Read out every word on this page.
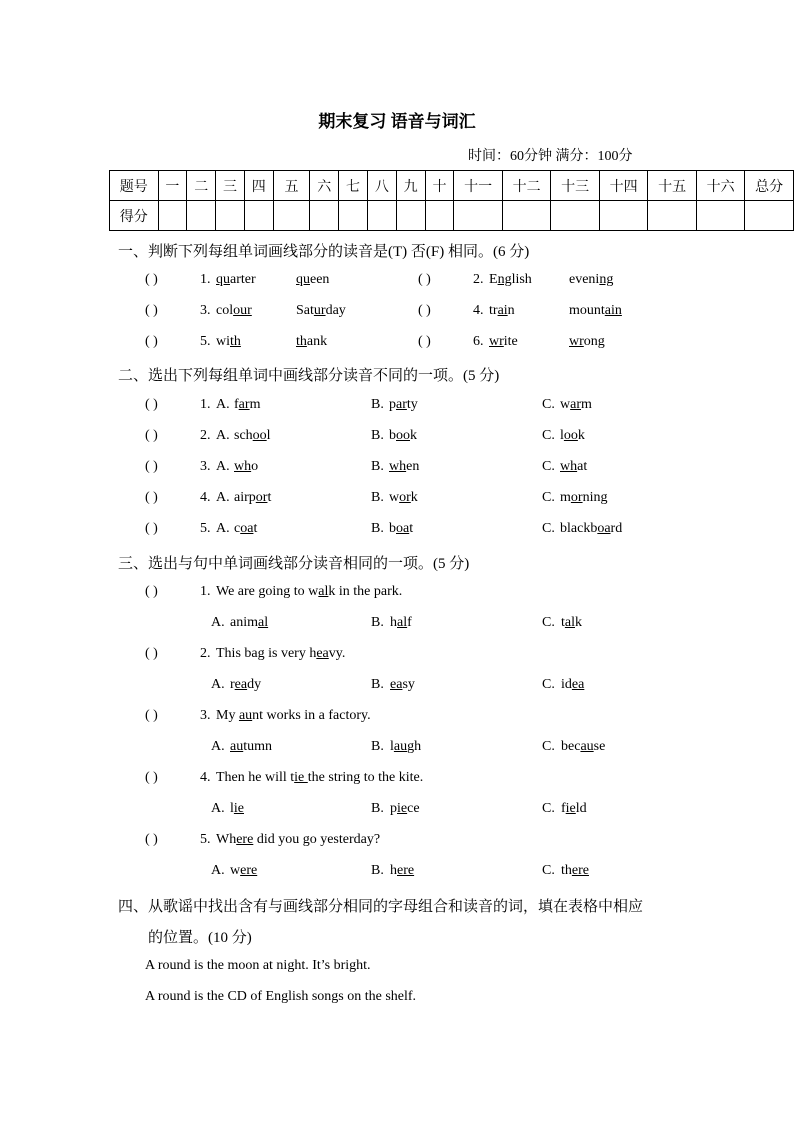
期末复习 语音与词汇
时间：60分钟 满分：100分
题号	一	二	三	四	五	六	七	八	九	十	十一	十二	十三	十四	十五	十六	总分
得分																	
一、判断下列每组单词画线部分的读音是(T) 否(F) 相同。(6 分)
( )	1. quarter	queen	( )	2. English	evening
( )	3. colour	Saturday	( )	4. train	mountain
( )	5. with	thank	( )	6. write	wrong
二、选出下列每组单词中画线部分读音不同的一项。(5 分)
( )	1. A. farm	B. party	C. warm
( )	2. A. school	B. book	C. look
( )	3. A. who	B. when	C. what
( )	4. A. airport	B. work	C. morning
( )	5. A. coat	B. boat	C. blackboard
三、选出与句中单词画线部分读音相同的一项。(5 分)
( )	1. We are going to walk in the park.
A. animal	B. half	C. talk
( )	2. This bag is very heavy.
A. ready	B. easy	C. idea
( )	3. My aunt works in a factory.
A. autumn	B. laugh	C. because
( )	4. Then he will tie the string to the kite.
A. lie	B. piece	C. field
( )	5. Where did you go yesterday?
A. were	B. here	C. there
四、从歌谣中找出含有与画线部分相同的字母组合和读音的词，填在表格中相应
的位置。(10 分)
A round is the moon at night. It’s bright.
A round is the CD of English songs on the shelf.
